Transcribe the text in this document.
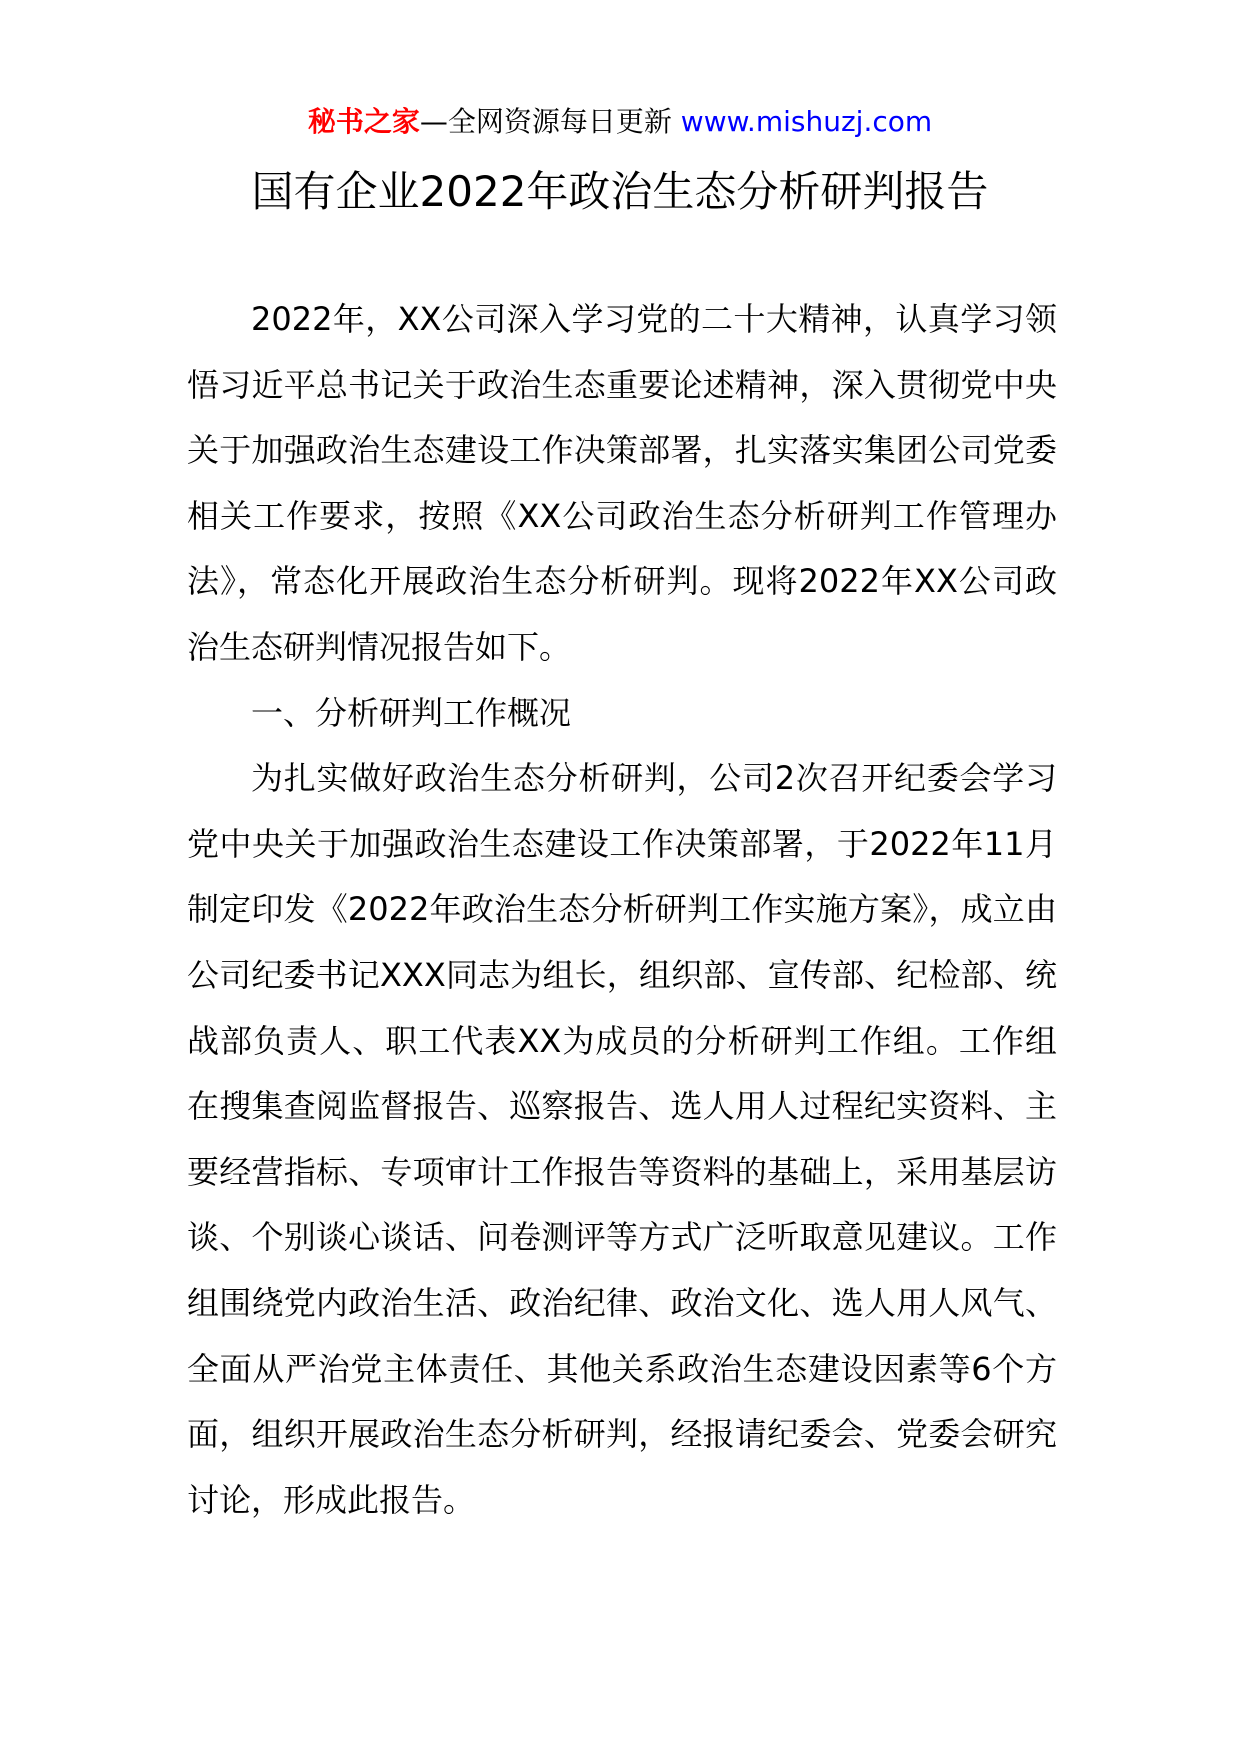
秘书之家—全网资源每日更新 www.mishuzj.com
国有企业2022年政治生态分析研判报告

2022年，XX公司深入学习党的二十大精神，认真学习领悟习近平总书记关于政治生态重要论述精神，深入贯彻党中央关于加强政治生态建设工作决策部署，扎实落实集团公司党委相关工作要求，按照《XX公司政治生态分析研判工作管理办法》，常态化开展政治生态分析研判。现将2022年XX公司政治生态研判情况报告如下。

一、分析研判工作概况

为扎实做好政治生态分析研判，公司2次召开纪委会学习党中央关于加强政治生态建设工作决策部署，于2022年11月制定印发《2022年政治生态分析研判工作实施方案》，成立由公司纪委书记XXX同志为组长，组织部、宣传部、纪检部、统战部负责人、职工代表XX为成员的分析研判工作组。工作组在搜集查阅监督报告、巡察报告、选人用人过程纪实资料、主要经营指标、专项审计工作报告等资料的基础上，采用基层访谈、个别谈心谈话、问卷测评等方式广泛听取意见建议。工作组围绕党内政治生活、政治纪律、政治文化、选人用人风气、全面从严治党主体责任、其他关系政治生态建设因素等6个方面，组织开展政治生态分析研判，经报请纪委会、党委会研究讨论，形成此报告。
